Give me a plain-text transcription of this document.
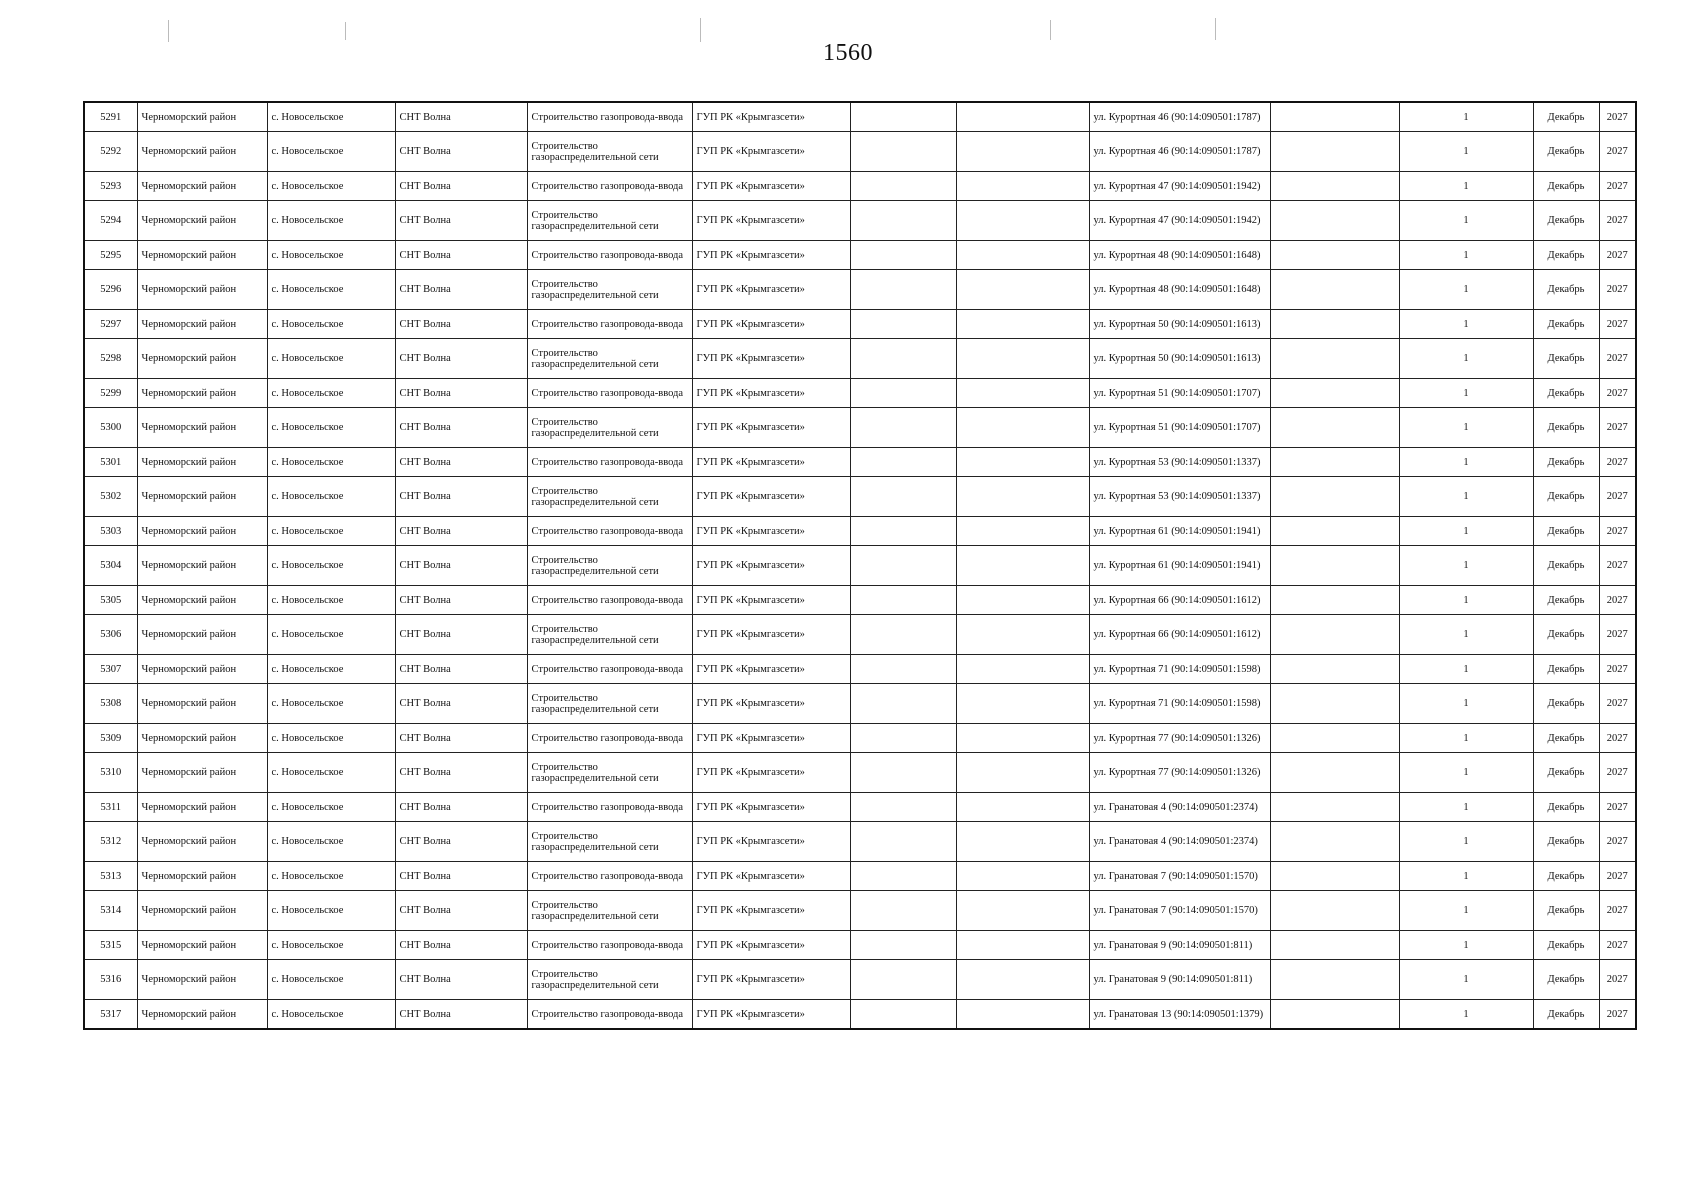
1560
5291	Черноморский район	с. Новосельское	СНТ Волна	Строительство газопровода-ввода	ГУП РК «Крымгазсети»			ул. Курортная 46 (90:14:090501:1787)		1	Декабрь	2027
5292	Черноморский район	с. Новосельское	СНТ Волна	Строительство газораспределительной сети	ГУП РК «Крымгазсети»			ул. Курортная 46 (90:14:090501:1787)		1	Декабрь	2027
5293	Черноморский район	с. Новосельское	СНТ Волна	Строительство газопровода-ввода	ГУП РК «Крымгазсети»			ул. Курортная 47 (90:14:090501:1942)		1	Декабрь	2027
5294	Черноморский район	с. Новосельское	СНТ Волна	Строительство газораспределительной сети	ГУП РК «Крымгазсети»			ул. Курортная 47 (90:14:090501:1942)		1	Декабрь	2027
5295	Черноморский район	с. Новосельское	СНТ Волна	Строительство газопровода-ввода	ГУП РК «Крымгазсети»			ул. Курортная 48 (90:14:090501:1648)		1	Декабрь	2027
5296	Черноморский район	с. Новосельское	СНТ Волна	Строительство газораспределительной сети	ГУП РК «Крымгазсети»			ул. Курортная 48 (90:14:090501:1648)		1	Декабрь	2027
5297	Черноморский район	с. Новосельское	СНТ Волна	Строительство газопровода-ввода	ГУП РК «Крымгазсети»			ул. Курортная 50 (90:14:090501:1613)		1	Декабрь	2027
5298	Черноморский район	с. Новосельское	СНТ Волна	Строительство газораспределительной сети	ГУП РК «Крымгазсети»			ул. Курортная 50 (90:14:090501:1613)		1	Декабрь	2027
5299	Черноморский район	с. Новосельское	СНТ Волна	Строительство газопровода-ввода	ГУП РК «Крымгазсети»			ул. Курортная 51 (90:14:090501:1707)		1	Декабрь	2027
5300	Черноморский район	с. Новосельское	СНТ Волна	Строительство газораспределительной сети	ГУП РК «Крымгазсети»			ул. Курортная 51 (90:14:090501:1707)		1	Декабрь	2027
5301	Черноморский район	с. Новосельское	СНТ Волна	Строительство газопровода-ввода	ГУП РК «Крымгазсети»			ул. Курортная 53 (90:14:090501:1337)		1	Декабрь	2027
5302	Черноморский район	с. Новосельское	СНТ Волна	Строительство газораспределительной сети	ГУП РК «Крымгазсети»			ул. Курортная 53 (90:14:090501:1337)		1	Декабрь	2027
5303	Черноморский район	с. Новосельское	СНТ Волна	Строительство газопровода-ввода	ГУП РК «Крымгазсети»			ул. Курортная 61 (90:14:090501:1941)		1	Декабрь	2027
5304	Черноморский район	с. Новосельское	СНТ Волна	Строительство газораспределительной сети	ГУП РК «Крымгазсети»			ул. Курортная 61 (90:14:090501:1941)		1	Декабрь	2027
5305	Черноморский район	с. Новосельское	СНТ Волна	Строительство газопровода-ввода	ГУП РК «Крымгазсети»			ул. Курортная 66 (90:14:090501:1612)		1	Декабрь	2027
5306	Черноморский район	с. Новосельское	СНТ Волна	Строительство газораспределительной сети	ГУП РК «Крымгазсети»			ул. Курортная 66 (90:14:090501:1612)		1	Декабрь	2027
5307	Черноморский район	с. Новосельское	СНТ Волна	Строительство газопровода-ввода	ГУП РК «Крымгазсети»			ул. Курортная 71 (90:14:090501:1598)		1	Декабрь	2027
5308	Черноморский район	с. Новосельское	СНТ Волна	Строительство газораспределительной сети	ГУП РК «Крымгазсети»			ул. Курортная 71 (90:14:090501:1598)		1	Декабрь	2027
5309	Черноморский район	с. Новосельское	СНТ Волна	Строительство газопровода-ввода	ГУП РК «Крымгазсети»			ул. Курортная 77 (90:14:090501:1326)		1	Декабрь	2027
5310	Черноморский район	с. Новосельское	СНТ Волна	Строительство газораспределительной сети	ГУП РК «Крымгазсети»			ул. Курортная 77 (90:14:090501:1326)		1	Декабрь	2027
5311	Черноморский район	с. Новосельское	СНТ Волна	Строительство газопровода-ввода	ГУП РК «Крымгазсети»			ул. Гранатовая 4 (90:14:090501:2374)		1	Декабрь	2027
5312	Черноморский район	с. Новосельское	СНТ Волна	Строительство газораспределительной сети	ГУП РК «Крымгазсети»			ул. Гранатовая 4 (90:14:090501:2374)		1	Декабрь	2027
5313	Черноморский район	с. Новосельское	СНТ Волна	Строительство газопровода-ввода	ГУП РК «Крымгазсети»			ул. Гранатовая 7 (90:14:090501:1570)		1	Декабрь	2027
5314	Черноморский район	с. Новосельское	СНТ Волна	Строительство газораспределительной сети	ГУП РК «Крымгазсети»			ул. Гранатовая 7 (90:14:090501:1570)		1	Декабрь	2027
5315	Черноморский район	с. Новосельское	СНТ Волна	Строительство газопровода-ввода	ГУП РК «Крымгазсети»			ул. Гранатовая 9 (90:14:090501:811)		1	Декабрь	2027
5316	Черноморский район	с. Новосельское	СНТ Волна	Строительство газораспределительной сети	ГУП РК «Крымгазсети»			ул. Гранатовая 9 (90:14:090501:811)		1	Декабрь	2027
5317	Черноморский район	с. Новосельское	СНТ Волна	Строительство газопровода-ввода	ГУП РК «Крымгазсети»			ул. Гранатовая 13 (90:14:090501:1379)		1	Декабрь	2027
